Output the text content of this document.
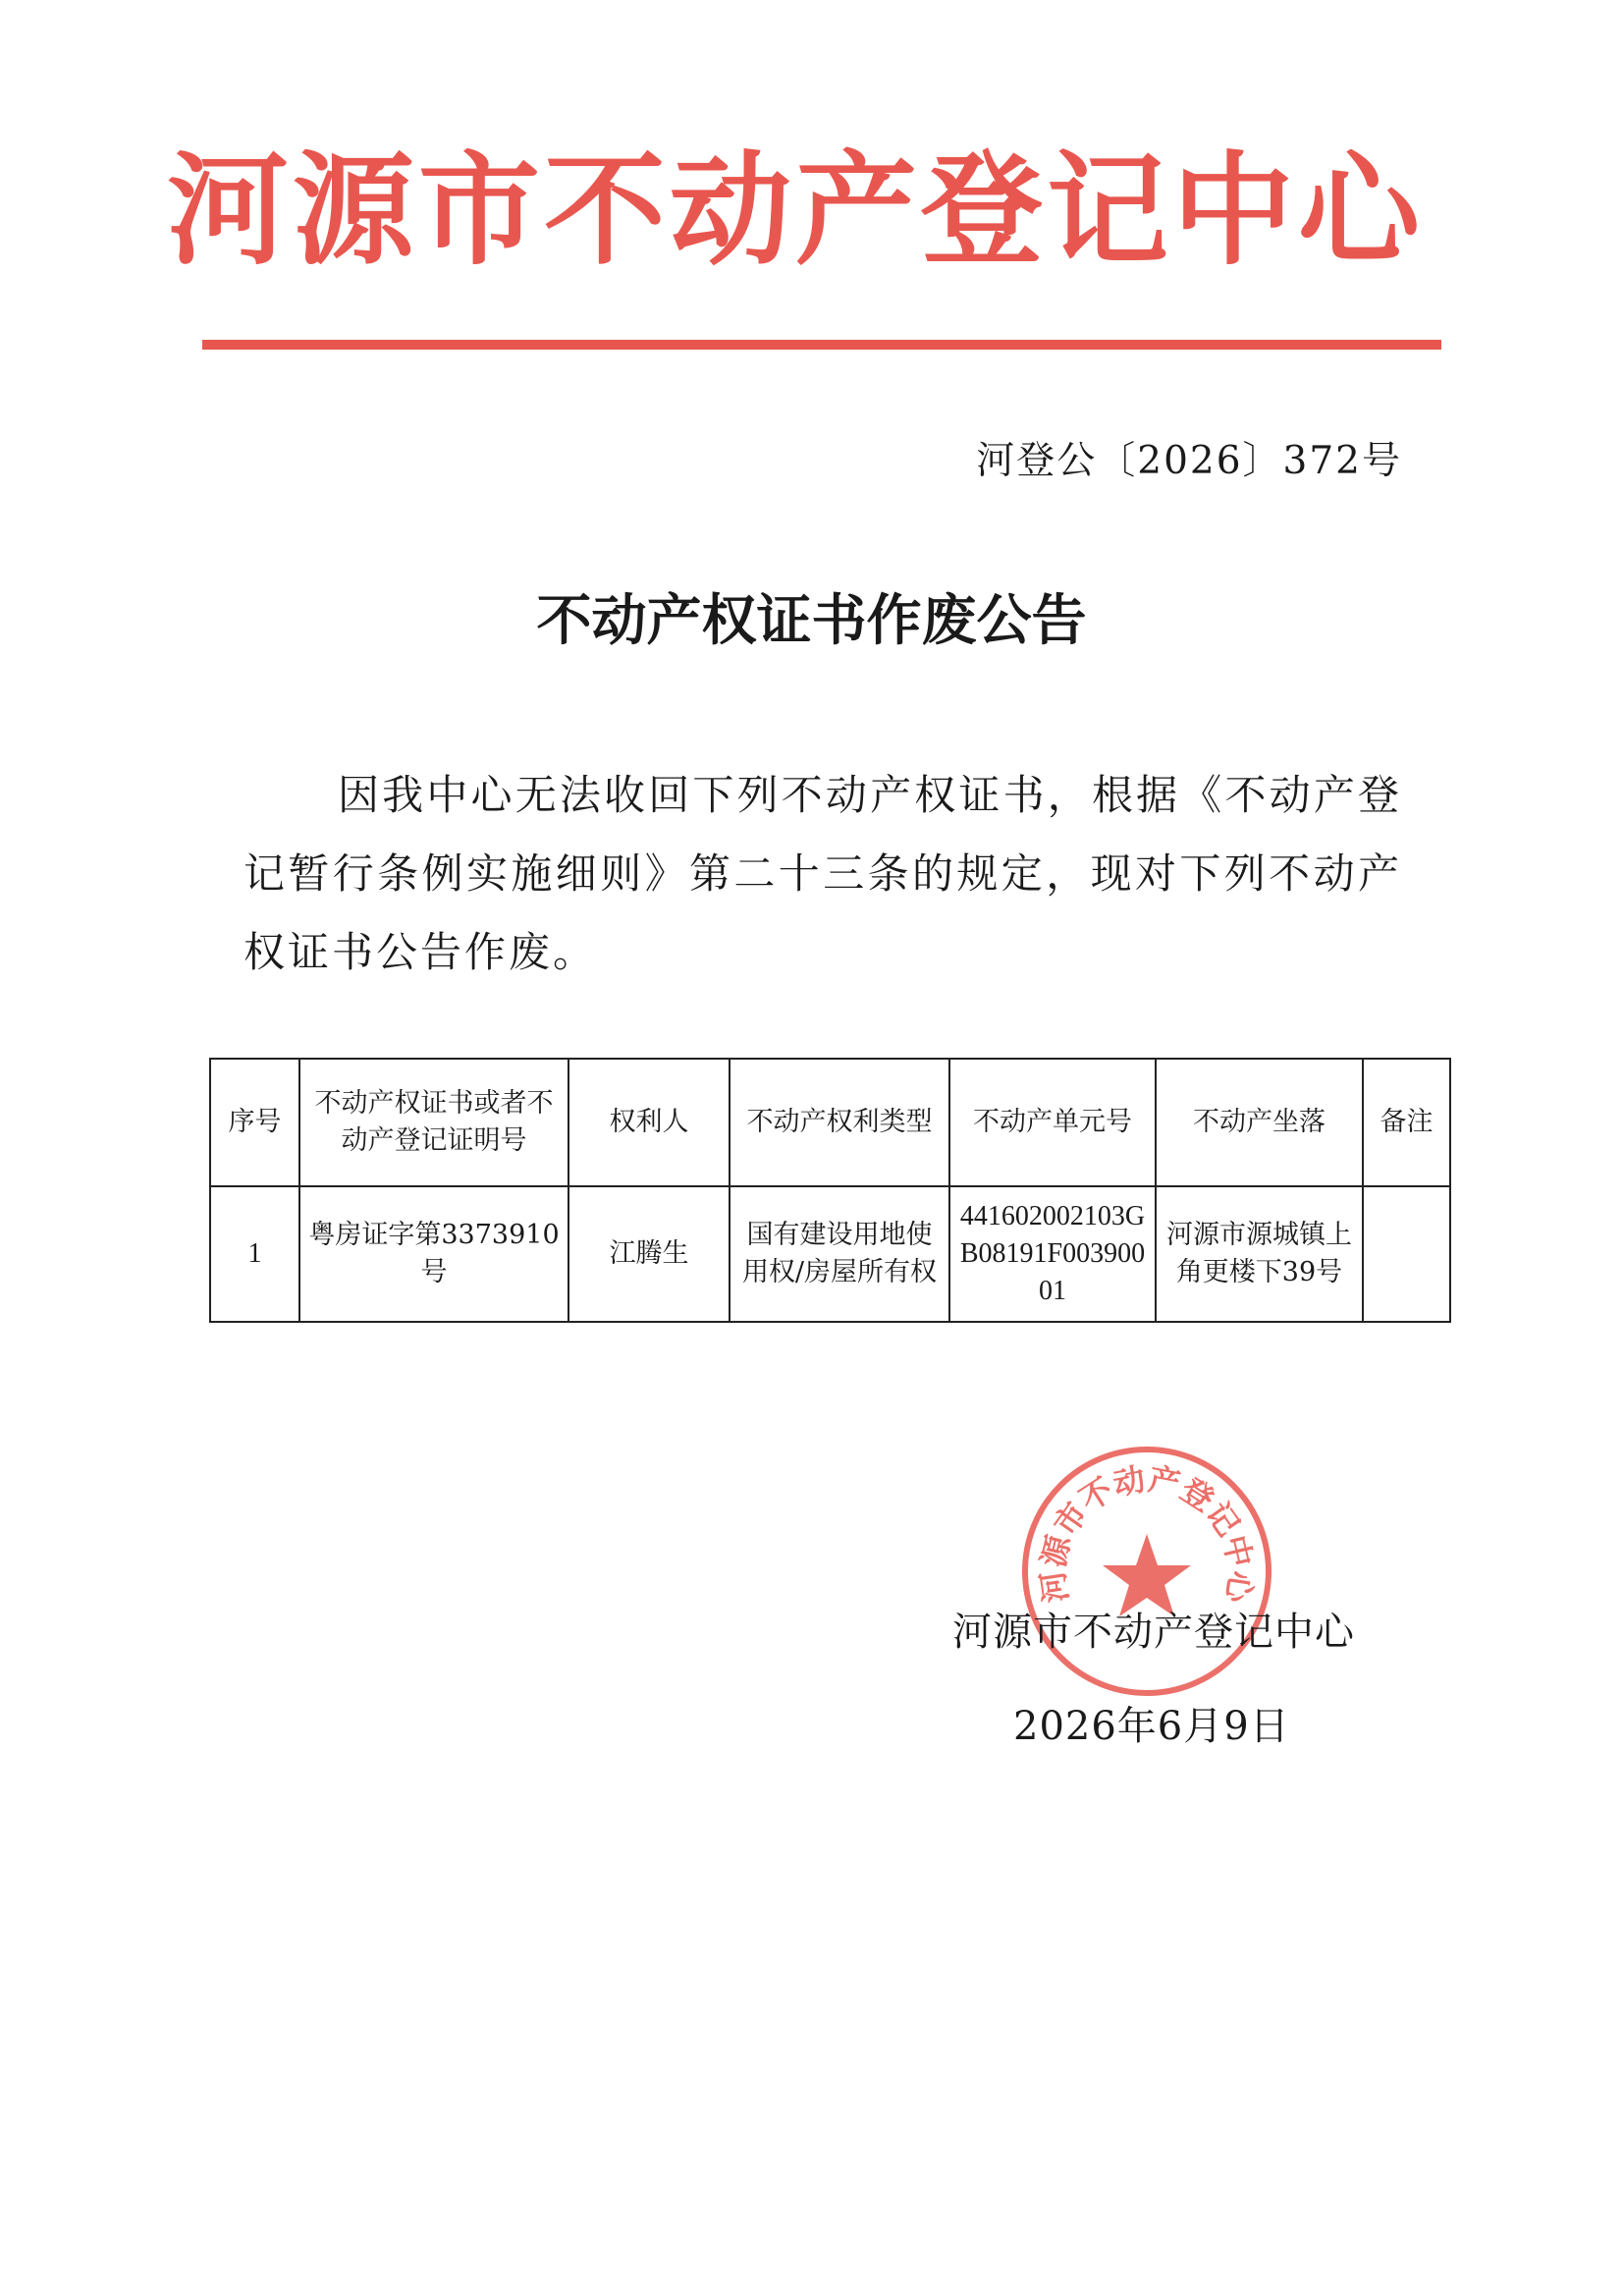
河源市不动产登记中心
河登公〔2026〕372号
不动产权证书作废公告

因我中心无法收回下列不动产权证书，根据《不动产登记暂行条例实施细则》第二十三条的规定，现对下列不动产权证书公告作废。

序号	不动产权证书或者不动产登记证明号	权利人	不动产权利类型	不动产单元号	不动产坐落	备注
1	粤房证字第3373910号	江腾生	国有建设用地使用权/房屋所有权	441602002103GB08191F00390001	河源市源城镇上角更楼下39号	
河源市不动产登记中心
河源市不动产登记中心
2026年6月9日
